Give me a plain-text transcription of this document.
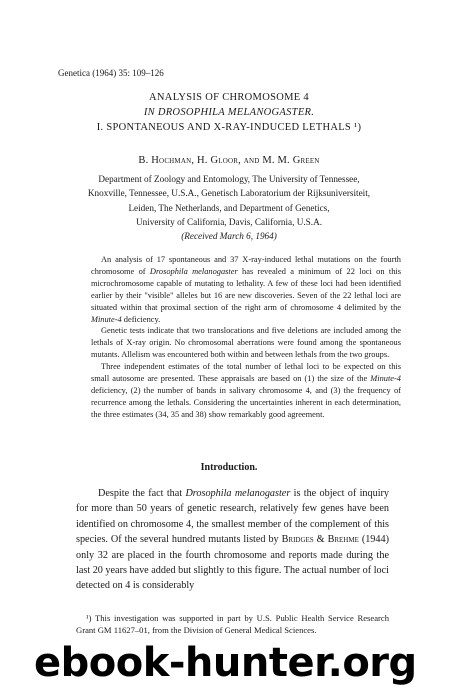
Genetica (1964) 35: 109–126
ANALYSIS OF CHROMOSOME 4
IN DROSOPHILA MELANOGASTER.
I. SPONTANEOUS AND X-RAY-INDUCED LETHALS ¹)
B. Hochman, H. Gloor, and M. M. Green
Department of Zoology and Entomology, The University of Tennessee,
Knoxville, Tennessee, U.S.A., Genetisch Laboratorium der Rijksuniversiteit,
Leiden, The Netherlands, and Department of Genetics,
University of California, Davis, California, U.S.A.
(Received March 6, 1964)

An analysis of 17 spontaneous and 37 X-ray-induced lethal mutations on the fourth chromosome of Drosophila melanogaster has revealed a minimum of 22 loci on this microchromosome capable of mutating to lethality. A few of these loci had been identified earlier by their "visible" alleles but 16 are new discoveries. Seven of the 22 lethal loci are situated within that proximal section of the right arm of chromosome 4 delimited by the Minute-4 deficiency.

Genetic tests indicate that two translocations and five deletions are included among the lethals of X-ray origin. No chromosomal aberrations were found among the spontaneous mutants. Allelism was encountered both within and between lethals from the two groups.

Three independent estimates of the total number of lethal loci to be expected on this small autosome are presented. These appraisals are based on (1) the size of the Minute-4 deficiency, (2) the number of bands in salivary chromosome 4, and (3) the frequency of recurrence among the lethals. Considering the uncertainties inherent in each determination, the three estimates (34, 35 and 38) show remarkably good agreement.

Introduction.

Despite the fact that Drosophila melanogaster is the object of inquiry for more than 50 years of genetic research, relatively few genes have been identified on chromosome 4, the smallest member of the complement of this species. Of the several hundred mutants listed by Bridges & Brehme (1944) only 32 are placed in the fourth chromosome and reports made during the last 20 years have added but slightly to this figure. The actual number of loci detected on 4 is considerably

¹) This investigation was supported in part by U.S. Public Health Service Research Grant GM 11627–01, from the Division of General Medical Sciences.

ebook-hunter.org
